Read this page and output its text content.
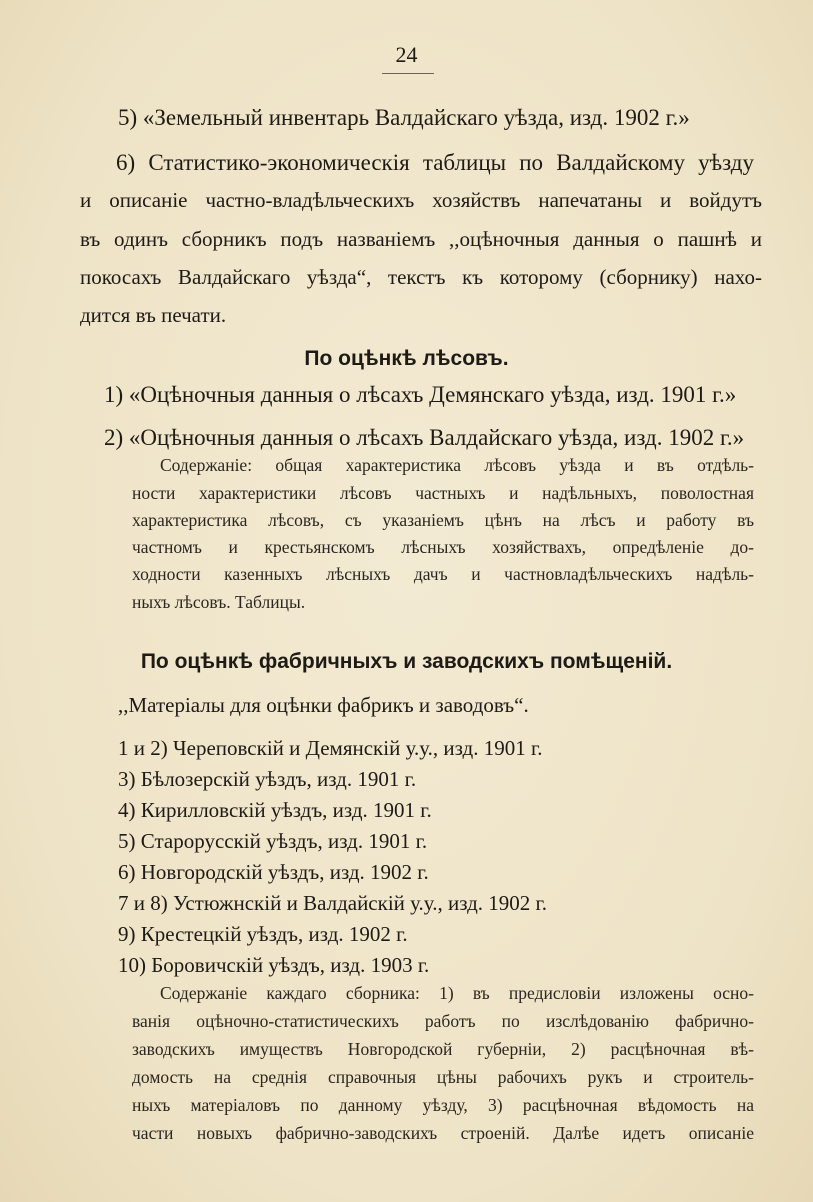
24
5) «Земельный инвентарь Валдайскаго уѣзда, изд. 1902 г.»
6) Статистико-экономическія таблицы по Валдайскому уѣзду
и описаніе частно-владѣльческихъ хозяйствъ напечатаны и войдутъ
въ одинъ сборникъ подъ названіемъ ,,оцѣночныя данныя о пашнѣ и
покосахъ Валдайскаго уѣзда“, текстъ къ которому (сборнику) нахо-
дится въ печати.
По оцѣнкѣ лѣсовъ.
1) «Оцѣночныя данныя о лѣсахъ Демянскаго уѣзда, изд. 1901 г.»
2) «Оцѣночныя данныя о лѣсахъ Валдайскаго уѣзда, изд. 1902 г.»
Содержаніе: общая характеристика лѣсовъ уѣзда и въ отдѣль-
ности характеристики лѣсовъ частныхъ и надѣльныхъ, поволостная
характеристика лѣсовъ, съ указаніемъ цѣнъ на лѣсъ и работу въ
частномъ и крестьянскомъ лѣсныхъ хозяйствахъ, опредѣленіе до-
ходности казенныхъ лѣсныхъ дачъ и частновладѣльческихъ надѣль-
ныхъ лѣсовъ. Таблицы.
По оцѣнкѣ фабричныхъ и заводскихъ помѣщеній.
,,Матеріалы для оцѣнки фабрикъ и заводовъ“.
1 и 2) Череповскій и Демянскій у.у., изд. 1901 г.
3) Бѣлозерскій уѣздъ, изд. 1901 г.
4) Кирилловскій уѣздъ, изд. 1901 г.
5) Старорусскій уѣздъ, изд. 1901 г.
6) Новгородскій уѣздъ, изд. 1902 г.
7 и 8) Устюжнскій и Валдайскій у.у., изд. 1902 г.
9) Крестецкій уѣздъ, изд. 1902 г.
10) Боровичскій уѣздъ, изд. 1903 г.
Содержаніе каждаго сборника: 1) въ предисловіи изложены осно-
ванія оцѣночно-статистическихъ работъ по изслѣдованію фабрично-
заводскихъ имуществъ Новгородской губерніи, 2) расцѣночная вѣ-
домость на среднія справочныя цѣны рабочихъ рукъ и строитель-
ныхъ матеріаловъ по данному уѣзду, 3) расцѣночная вѣдомость на
части новыхъ фабрично-заводскихъ строеній. Далѣе идетъ описаніе
